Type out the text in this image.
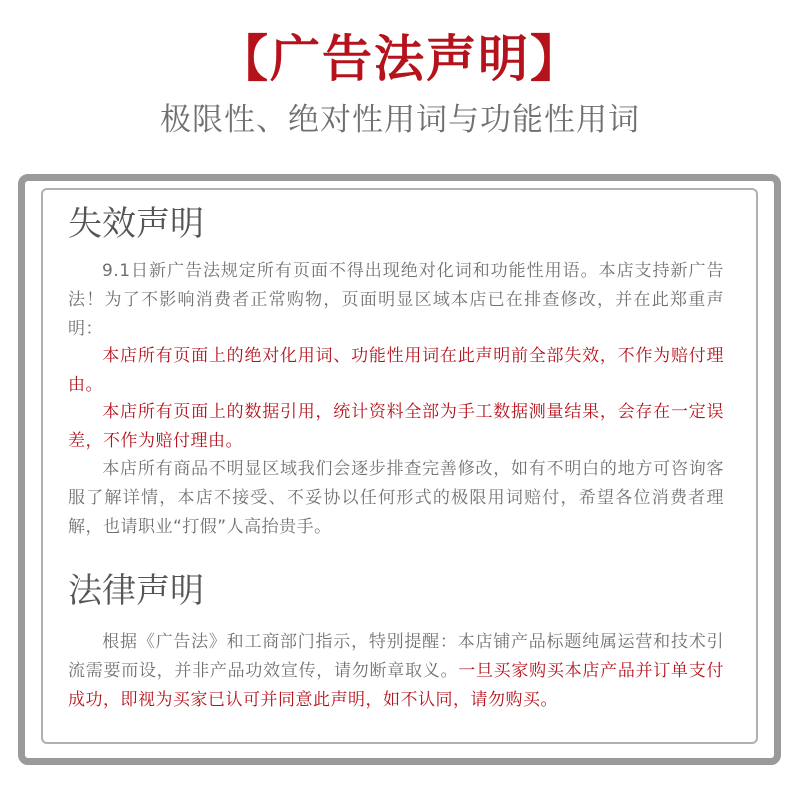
【广告法声明】
极限性、绝对性用词与功能性用词
失效声明

9.1日新广告法规定所有页面不得出现绝对化词和功能性用语。本店支持新广告法！为了不影响消费者正常购物，页面明显区域本店已在排查修改，并在此郑重声明：

本店所有页面上的绝对化用词、功能性用词在此声明前全部失效，不作为赔付理由。

本店所有页面上的数据引用，统计资料全部为手工数据测量结果，会存在一定误差，不作为赔付理由。

本店所有商品不明显区域我们会逐步排查完善修改，如有不明白的地方可咨询客服了解详情，本店不接受、不妥协以任何形式的极限用词赔付，希望各位消费者理解，也请职业“打假”人高抬贵手。

法律声明

根据《广告法》和工商部门指示，特别提醒：本店铺产品标题纯属运营和技术引流需要而设，并非产品功效宣传，请勿断章取义。一旦买家购买本店产品并订单支付成功，即视为买家已认可并同意此声明，如不认同，请勿购买。
